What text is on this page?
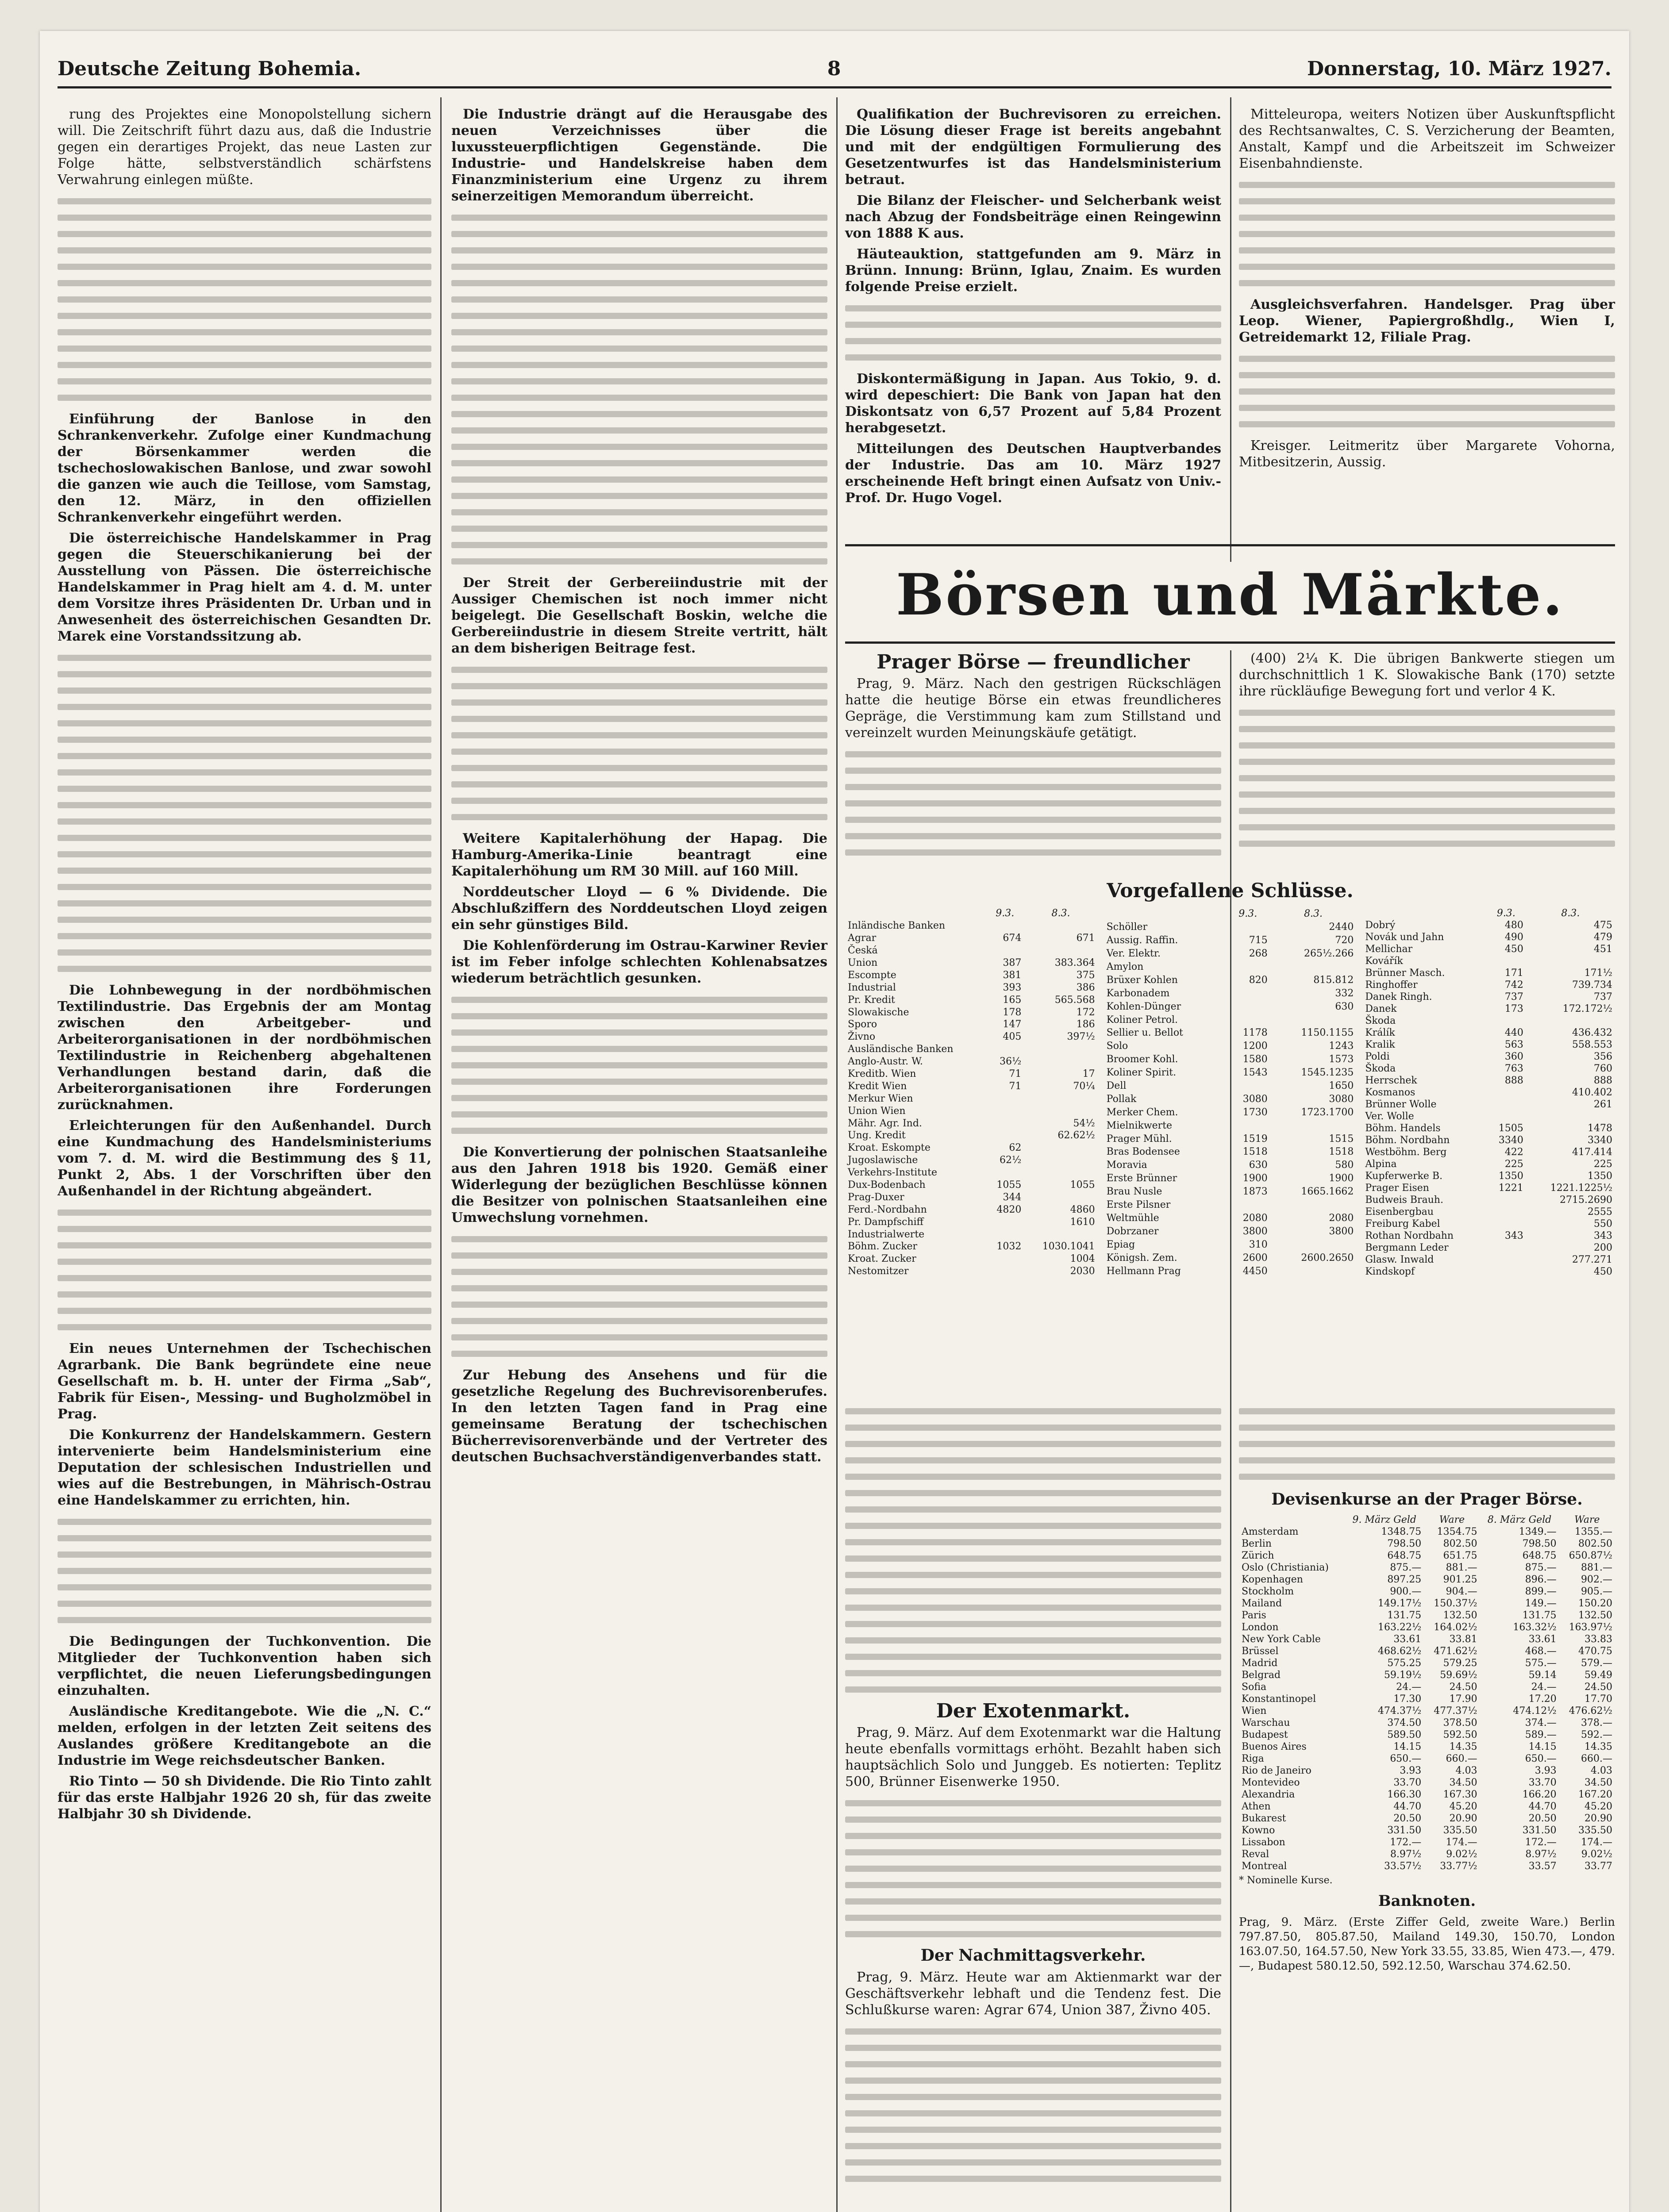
Deutsche Zeitung Bohemia.	8	Donnerstag, 10. März 1927.

rung des Projektes eine Monopolstellung sichern will. Die Zeitschrift führt dazu aus, daß die Industrie gegen ein derartiges Projekt, das neue Lasten zur Folge hätte, selbstverständlich schärfstens Verwahrung einlegen müßte.

Einführung der Banlose in den Schrankenverkehr. Zufolge einer Kundmachung der Börsenkammer werden die tschechoslowakischen Banlose, und zwar sowohl die ganzen wie auch die Teillose, vom Samstag, den 12. März, in den offiziellen Schrankenverkehr eingeführt werden.

Die österreichische Handelskammer in Prag gegen die Steuerschikanierung bei der Ausstellung von Pässen. Die österreichische Handelskammer in Prag hielt am 4. d. M. unter dem Vorsitze ihres Präsidenten Dr. Urban und in Anwesenheit des österreichischen Gesandten Dr. Marek eine Vorstandssitzung ab.

Die Lohnbewegung in der nordböhmischen Textilindustrie. Das Ergebnis der am Montag zwischen den Arbeitgeber- und Arbeiterorganisationen in der nordböhmischen Textilindustrie in Reichenberg abgehaltenen Verhandlungen bestand darin, daß die Arbeiterorganisationen ihre Forderungen zurücknahmen.

Erleichterungen für den Außenhandel. Durch eine Kundmachung des Handelsministeriums vom 7. d. M. wird die Bestimmung des § 11, Punkt 2, Abs. 1 der Vorschriften über den Außenhandel in der Richtung abgeändert.

Ein neues Unternehmen der Tschechischen Agrarbank. Die Bank begründete eine neue Gesellschaft m. b. H. unter der Firma „Sab“, Fabrik für Eisen-, Messing- und Bugholzmöbel in Prag.

Die Konkurrenz der Handelskammern. Gestern intervenierte beim Handelsministerium eine Deputation der schlesischen Industriellen und wies auf die Bestrebungen, in Mährisch-Ostrau eine Handelskammer zu errichten, hin.

Die Bedingungen der Tuchkonvention. Die Mitglieder der Tuchkonvention haben sich verpflichtet, die neuen Lieferungsbedingungen einzuhalten.

Ausländische Kreditangebote. Wie die „N. C.“ melden, erfolgen in der letzten Zeit seitens des Auslandes größere Kreditangebote an die Industrie im Wege reichsdeutscher Banken.

Rio Tinto — 50 sh Dividende. Die Rio Tinto zahlt für das erste Halbjahr 1926 20 sh, für das zweite Halbjahr 30 sh Dividende.

Die Industrie drängt auf die Herausgabe des neuen Verzeichnisses über die luxussteuerpflichtigen Gegenstände. Die Industrie- und Handelskreise haben dem Finanzministerium eine Urgenz zu ihrem seinerzeitigen Memorandum überreicht.

Der Streit der Gerbereiindustrie mit der Aussiger Chemischen ist noch immer nicht beigelegt. Die Gesellschaft Boskin, welche die Gerbereiindustrie in diesem Streite vertritt, hält an dem bisherigen Beitrage fest.

Weitere Kapitalerhöhung der Hapag. Die Hamburg-Amerika-Linie beantragt eine Kapitalerhöhung um RM 30 Mill. auf 160 Mill.

Norddeutscher Lloyd — 6 % Dividende. Die Abschlußziffern des Norddeutschen Lloyd zeigen ein sehr günstiges Bild.

Die Kohlenförderung im Ostrau-Karwiner Revier ist im Feber infolge schlechten Kohlenabsatzes wiederum beträchtlich gesunken.

Die Konvertierung der polnischen Staatsanleihe aus den Jahren 1918 bis 1920. Gemäß einer Widerlegung der bezüglichen Beschlüsse können die Besitzer von polnischen Staatsanleihen eine Umwechslung vornehmen.

Zur Hebung des Ansehens und für die gesetzliche Regelung des Buchrevisorenberufes. In den letzten Tagen fand in Prag eine gemeinsame Beratung der tschechischen Bücherrevisorenverbände und der Vertreter des deutschen Buchsachverständigenverbandes statt.

Qualifikation der Buchrevisoren zu erreichen. Die Lösung dieser Frage ist bereits angebahnt und mit der endgültigen Formulierung des Gesetzentwurfes ist das Handelsministerium betraut.

Die Bilanz der Fleischer- und Selcherbank weist nach Abzug der Fondsbeiträge einen Reingewinn von 1888 K aus.

Häuteauktion, stattgefunden am 9. März in Brünn. Innung: Brünn, Iglau, Znaim. Es wurden folgende Preise erzielt.

Diskontermäßigung in Japan. Aus Tokio, 9. d. wird depeschiert: Die Bank von Japan hat den Diskontsatz von 6,57 Prozent auf 5,84 Prozent herabgesetzt.

Mitteilungen des Deutschen Hauptverbandes der Industrie. Das am 10. März 1927 erscheinende Heft bringt einen Aufsatz von Univ.-Prof. Dr. Hugo Vogel.

Mitteleuropa, weiters Notizen über Auskunftspflicht des Rechtsanwaltes, C. S. Verzicherung der Beamten, Anstalt, Kampf und die Arbeitszeit im Schweizer Eisenbahndienste.

Ausgleichsverfahren. Handelsger. Prag über Leop. Wiener, Papiergroßhdlg., Wien I, Getreidemarkt 12, Filiale Prag.

Kreisger. Leitmeritz über Margarete Vohorna, Mitbesitzerin, Aussig.

Börsen und Märkte.
Prager Börse — freundlicher

Prag, 9. März. Nach den gestrigen Rückschlägen hatte die heutige Börse ein etwas freundlicheres Gepräge, die Verstimmung kam zum Stillstand und vereinzelt wurden Meinungskäufe getätigt.

(400) 2¼ K. Die übrigen Bankwerte stiegen um durchschnittlich 1 K. Slowakische Bank (170) setzte ihre rückläufige Bewegung fort und verlor 4 K.

Vorgefallene Schlüsse.
	9.3.	8.3.
Inländische Banken		
Agrar	674	671
Česká		
Union	387	383.364
Escompte	381	375
Industrial	393	386
Pr. Kredit	165	565.568
Slowakische	178	172
Sporo	147	186
Živno	405	397½
Ausländische Banken		
Anglo-Austr. W.	36½	
Kreditb. Wien	71	17
Kredit Wien	71	70¼
Merkur Wien		
Union Wien		
Mähr. Agr. Ind.		54½
Ung. Kredit		62.62½
Kroat. Eskompte	62	
Jugoslawische	62½	
Verkehrs-Institute		
Dux-Bodenbach	1055	1055
Prag-Duxer	344	
Ferd.-Nordbahn	4820	4860
Pr. Dampfschiff		1610
Industrialwerte		
Böhm. Zucker	1032	1030.1041
Kroat. Zucker		1004
Nestomitzer		2030
	9.3.	8.3.
Schöller		2440
Aussig. Raffin.	715	720
Ver. Elektr.	268	265½.266
Amylon		
Brüxer Kohlen	820	815.812
Karbonadem		332
Kohlen-Dünger		630
Koliner Petrol.		
Sellier u. Bellot	1178	1150.1155
Solo	1200	1243
Broomer Kohl.	1580	1573
Koliner Spirit.	1543	1545.1235
Dell		1650
Pollak	3080	3080
Merker Chem.	1730	1723.1700
Mielnikwerte		
Prager Mühl.	1519	1515
Bras Bodensee	1518	1518
Moravia	630	580
Erste Brünner	1900	1900
Brau Nusle	1873	1665.1662
Erste Pilsner		
Weltmühle	2080	2080
Dobrzaner	3800	3800
Epiag	310	
Königsh. Zem.	2600	2600.2650
Hellmann Prag	4450	
	9.3.	8.3.
Dobrý	480	475
Novák und Jahn	490	479
Mellichar	450	451
Kovářík		
Brünner Masch.	171	171½
Ringhoffer	742	739.734
Danek Ringh.	737	737
Danek	173	172.172½
Škoda		
Králík	440	436.432
Kralik	563	558.553
Poldi	360	356
Škoda	763	760
Herrschek	888	888
Kosmanos		410.402
Brünner Wolle		261
Ver. Wolle		
Böhm. Handels	1505	1478
Böhm. Nordbahn	3340	3340
Westböhm. Berg	422	417.414
Alpina	225	225
Kupferwerke B.	1350	1350
Prager Eisen	1221	1221.1225½
Budweis Brauh.		2715.2690
Eisenbergbau		2555
Freiburg Kabel		550
Rothan Nordbahn	343	343
Bergmann Leder		200
Glasw. Inwald		277.271
Kindskopf		450
Der Exotenmarkt.

Prag, 9. März. Auf dem Exotenmarkt war die Haltung heute ebenfalls vormittags erhöht. Bezahlt haben sich hauptsächlich Solo und Junggeb. Es notierten: Teplitz 500, Brünner Eisenwerke 1950.

Der Nachmittagsverkehr.

Prag, 9. März. Heute war am Aktienmarkt war der Geschäftsverkehr lebhaft und die Tendenz fest. Die Schlußkurse waren: Agrar 674, Union 387, Živno 405.

Devisenkurse an der Prager Börse.
	9. März Geld	Ware	8. März Geld	Ware
Amsterdam	1348.75	1354.75	1349.—	1355.—
Berlin	798.50	802.50	798.50	802.50
Zürich	648.75	651.75	648.75	650.87½
Oslo (Christiania)	875.—	881.—	875.—	881.—
Kopenhagen	897.25	901.25	896.—	902.—
Stockholm	900.—	904.—	899.—	905.—
Mailand	149.17½	150.37½	149.—	150.20
Paris	131.75	132.50	131.75	132.50
London	163.22½	164.02½	163.32½	163.97½
New York Cable	33.61	33.81	33.61	33.83
Brüssel	468.62½	471.62½	468.—	470.75
Madrid	575.25	579.25	575.—	579.—
Belgrad	59.19½	59.69½	59.14	59.49
Sofia	24.—	24.50	24.—	24.50
Konstantinopel	17.30	17.90	17.20	17.70
Wien	474.37½	477.37½	474.12½	476.62½
Warschau	374.50	378.50	374.—	378.—
Budapest	589.50	592.50	589.—	592.—
Buenos Aires	14.15	14.35	14.15	14.35
Riga	650.—	660.—	650.—	660.—
Rio de Janeiro	3.93	4.03	3.93	4.03
Montevideo	33.70	34.50	33.70	34.50
Alexandria	166.30	167.30	166.20	167.20
Athen	44.70	45.20	44.70	45.20
Bukarest	20.50	20.90	20.50	20.90
Kowno	331.50	335.50	331.50	335.50
Lissabon	172.—	174.—	172.—	174.—
Reval	8.97½	9.02½	8.97½	9.02½
Montreal	33.57½	33.77½	33.57	33.77
* Nominelle Kurse.
Banknoten.

Prag, 9. März. (Erste Ziffer Geld, zweite Ware.) Berlin 797.87.50, 805.87.50, Mailand 149.30, 150.70, London 163.07.50, 164.57.50, New York 33.55, 33.85, Wien 473.—, 479.—, Budapest 580.12.50, 592.12.50, Warschau 374.62.50.
